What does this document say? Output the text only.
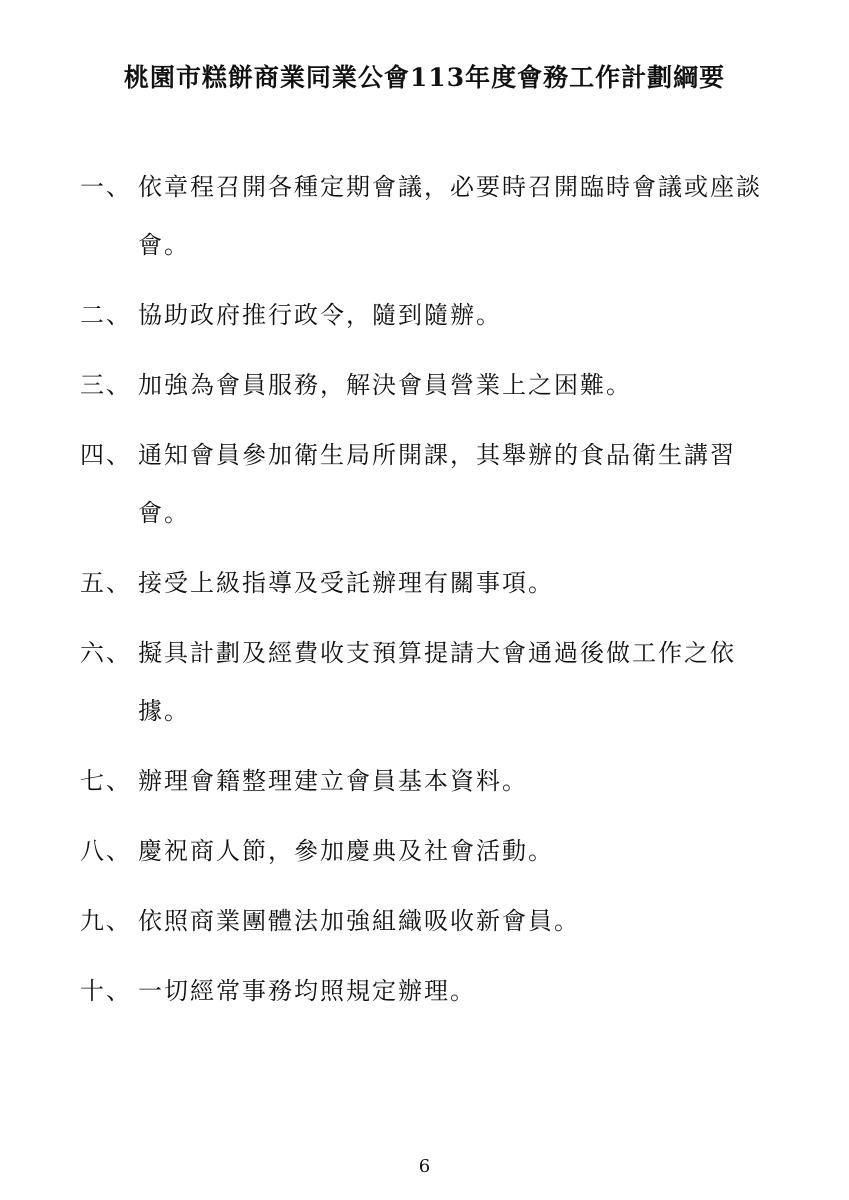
桃園市糕餅商業同業公會113年度會務工作計劃綱要
一、 依章程召開各種定期會議，必要時召開臨時會議或座談會。
二、 協助政府推行政令，隨到隨辦。
三、 加強為會員服務，解決會員營業上之困難。
四、 通知會員參加衛生局所開課，其舉辦的食品衛生講習會。
五、 接受上級指導及受託辦理有關事項。
六、 擬具計劃及經費收支預算提請大會通過後做工作之依據。
七、 辦理會籍整理建立會員基本資料。
八、 慶祝商人節，參加慶典及社會活動。
九、 依照商業團體法加強組織吸收新會員。
十、 一切經常事務均照規定辦理。
6
